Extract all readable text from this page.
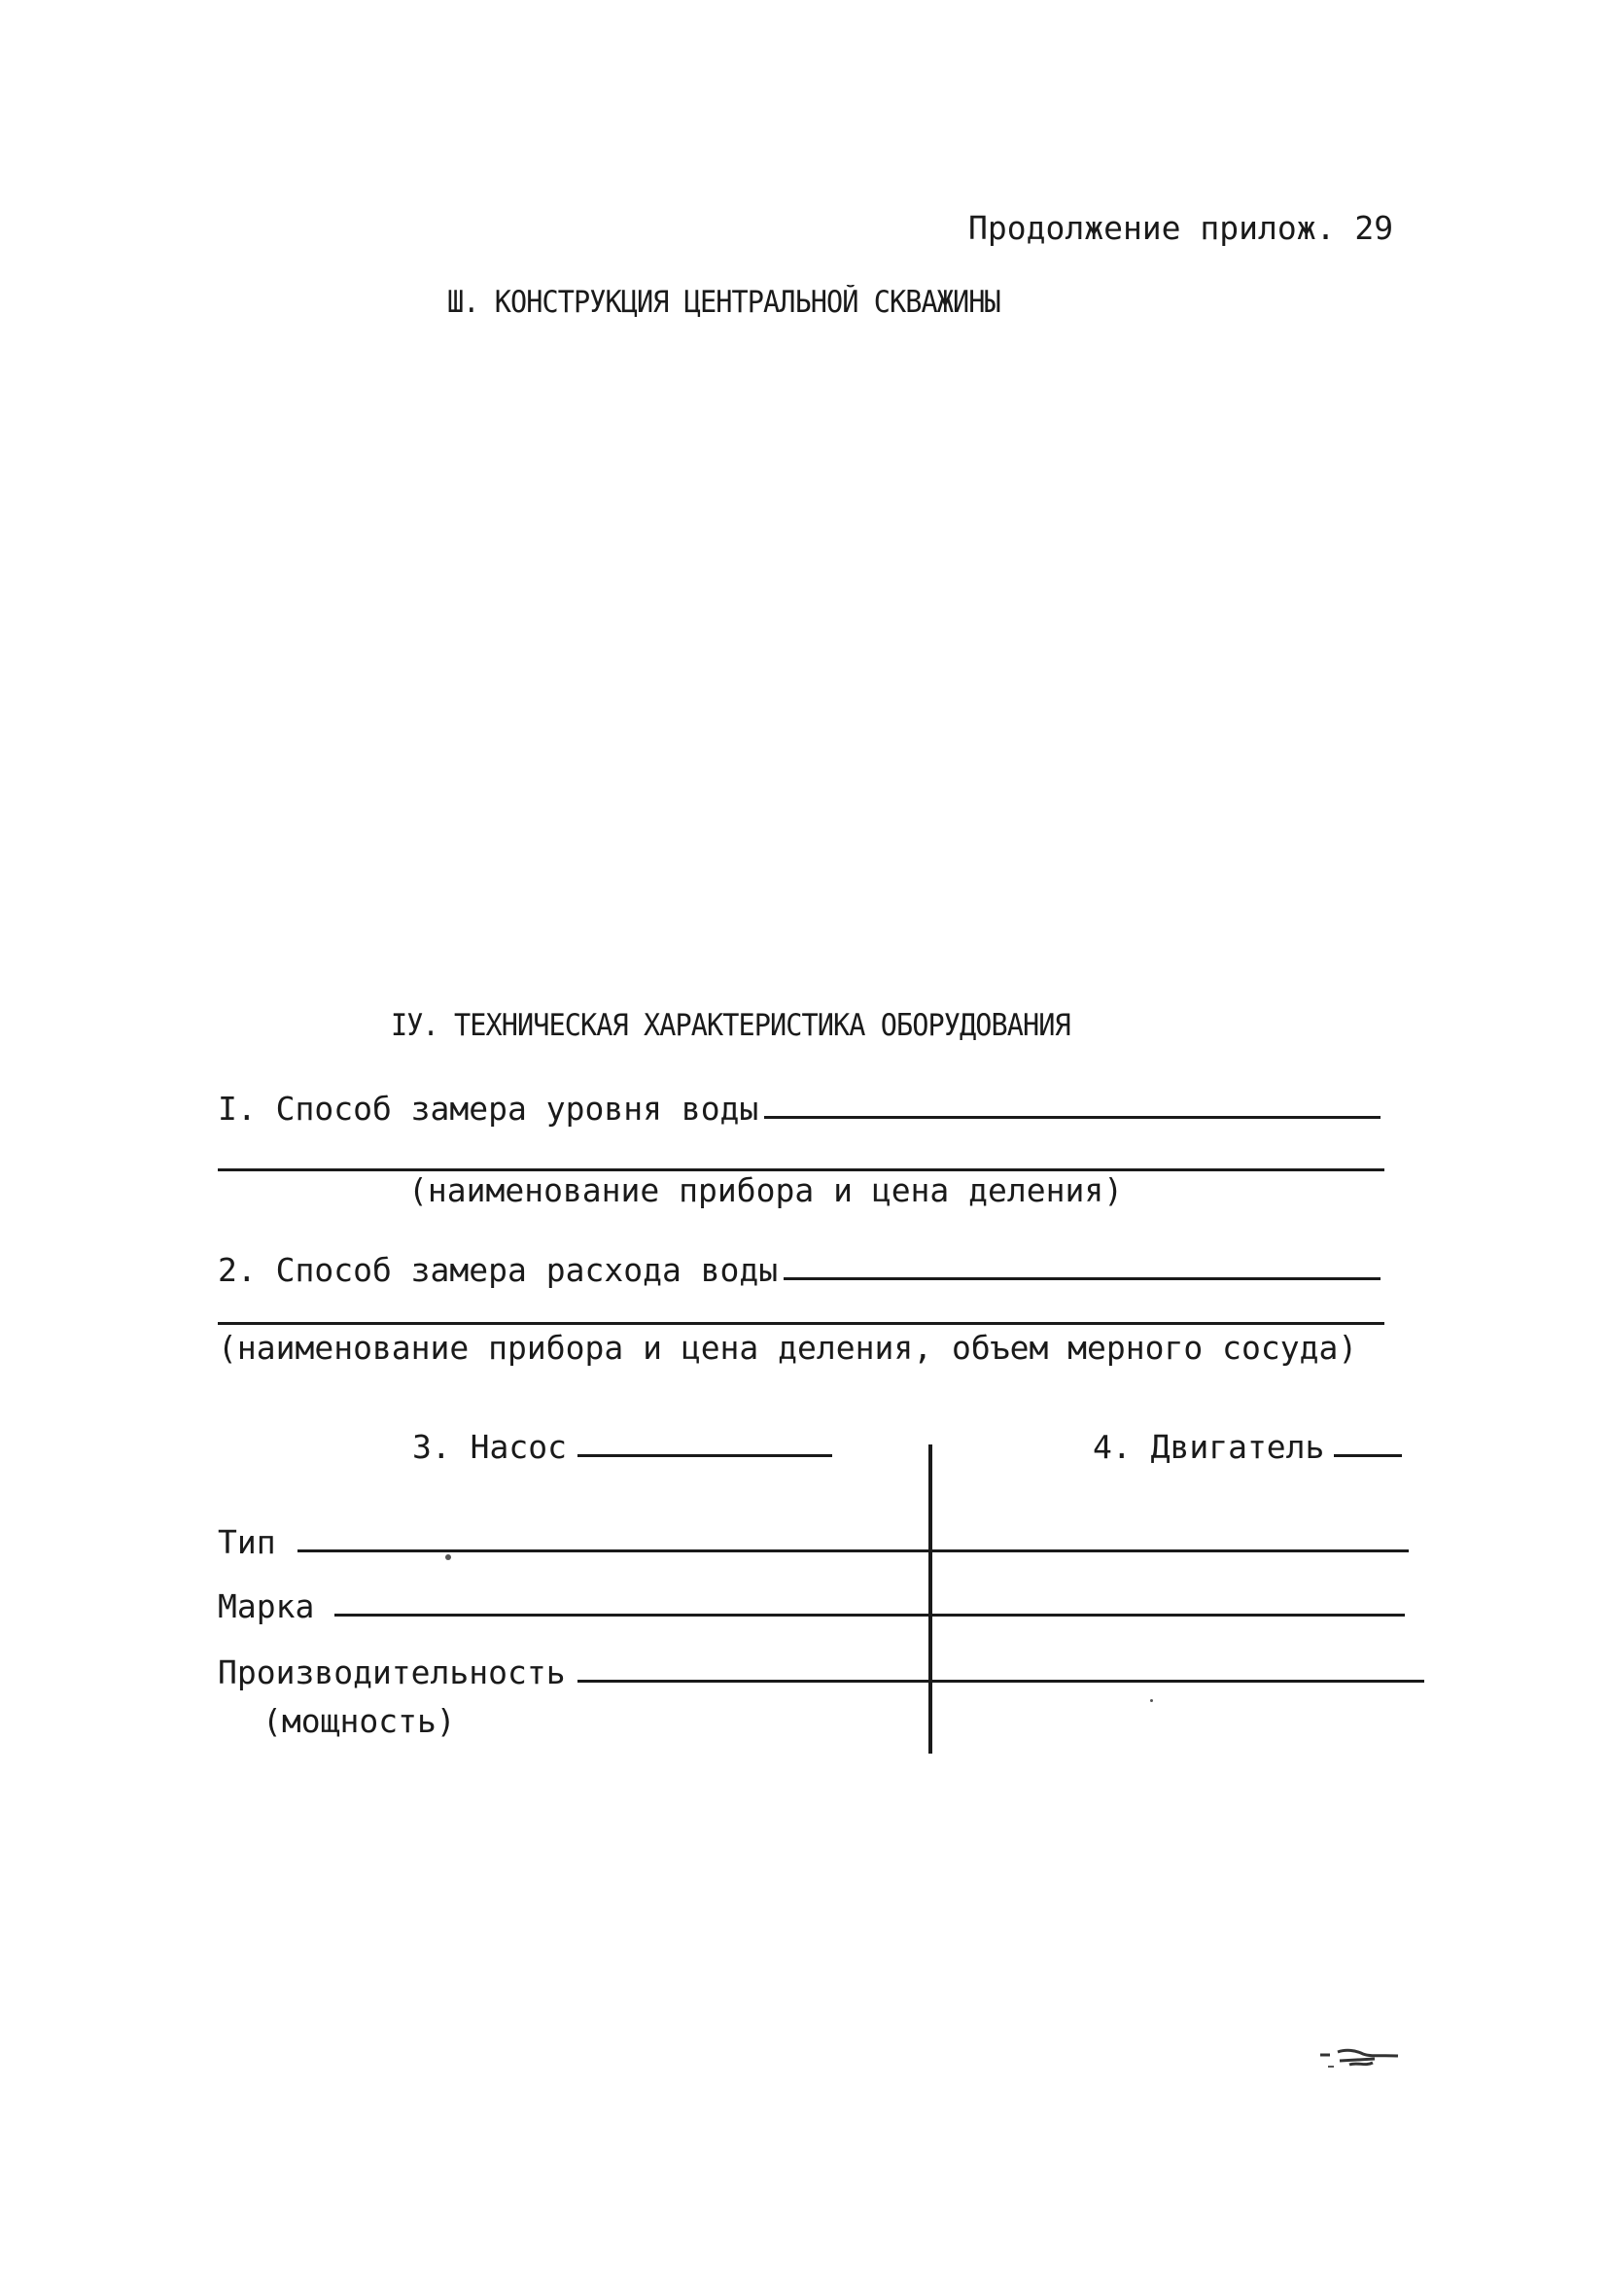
Продолжение прилож. 29
Ш. КОНСТРУКЦИЯ ЦЕНТРАЛЬНОЙ СКВАЖИНЫ
IУ. ТЕХНИЧЕСКАЯ ХАРАКТЕРИСТИКА ОБОРУДОВАНИЯ
I. Способ замера уровня воды
(наименование прибора и цена деления)
2. Способ замера расхода воды
(наименование прибора и цена деления, объем мерного сосуда)
3. Насос	4. Двигатель
Тип
Марка
Производительность
(мощность)
